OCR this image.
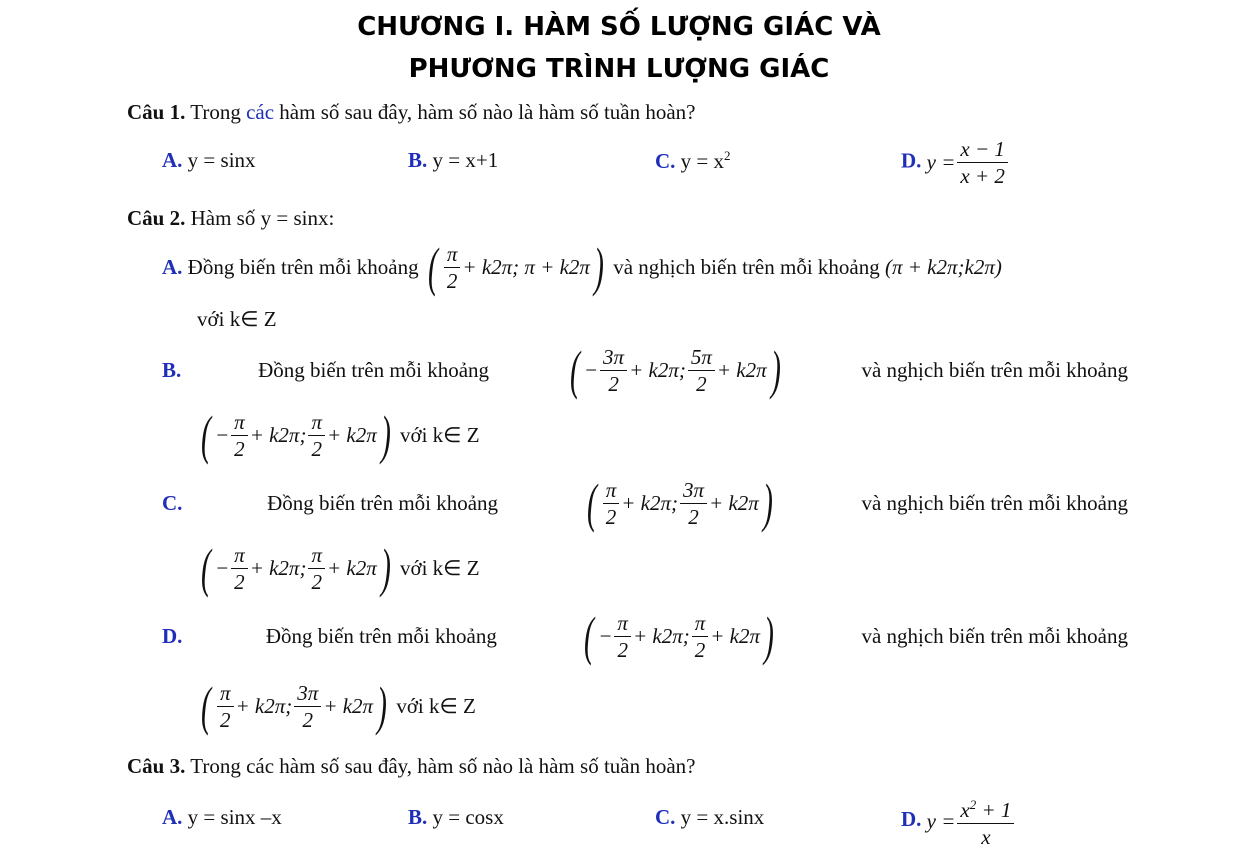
CHƯƠNG I. HÀM SỐ LƯỢNG GIÁC VÀ
PHƯƠNG TRÌNH LƯỢNG GIÁC
Câu 1. Trong các hàm số sau đây, hàm số nào là hàm số tuần hoàn?
A. y = sinx	B. y = x+1	C. $y = x^2$	D. $y = \frac{x - 1}{x + 2}$
Câu 2. Hàm số y = sinx:
A.
Đồng biến trên mỗi khoảng
( $\frac{\pi}{2} + k2\pi$;
π + k2π )
và nghịch biến trên mỗi khoảng
(π + k2π;k2π)
với k∈ Z
B.	Đồng biến trên mỗi khoảng ( − $\frac{3\pi}{2} + k2\pi$; $\frac{5\pi}{2} + k2\pi$ )	và nghịch biến trên mỗi khoảng
( − $\frac{\pi}{2} + k2\pi$; $\frac{\pi}{2} + k2\pi$ )
với k∈ Z
C.	Đồng biến trên mỗi khoảng ( $\frac{\pi}{2} + k2\pi$; $\frac{3\pi}{2} + k2\pi$ )	và nghịch biến trên mỗi khoảng
( − $\frac{\pi}{2} + k2\pi$; $\frac{\pi}{2} + k2\pi$ )
với k∈ Z
D.	Đồng biến trên mỗi khoảng ( − $\frac{\pi}{2} + k2\pi$; $\frac{\pi}{2} + k2\pi$ )	và nghịch biến trên mỗi khoảng
( $\frac{\pi}{2} + k2\pi$; $\frac{3\pi}{2} + k2\pi$ )
với k∈ Z
Câu 3. Trong các hàm số sau đây, hàm số nào là hàm số tuần hoàn?
A. y = sinx –x	B. y = cosx	C. y = x.sinx	D. $y = \frac{x^2 + 1}{x}$
